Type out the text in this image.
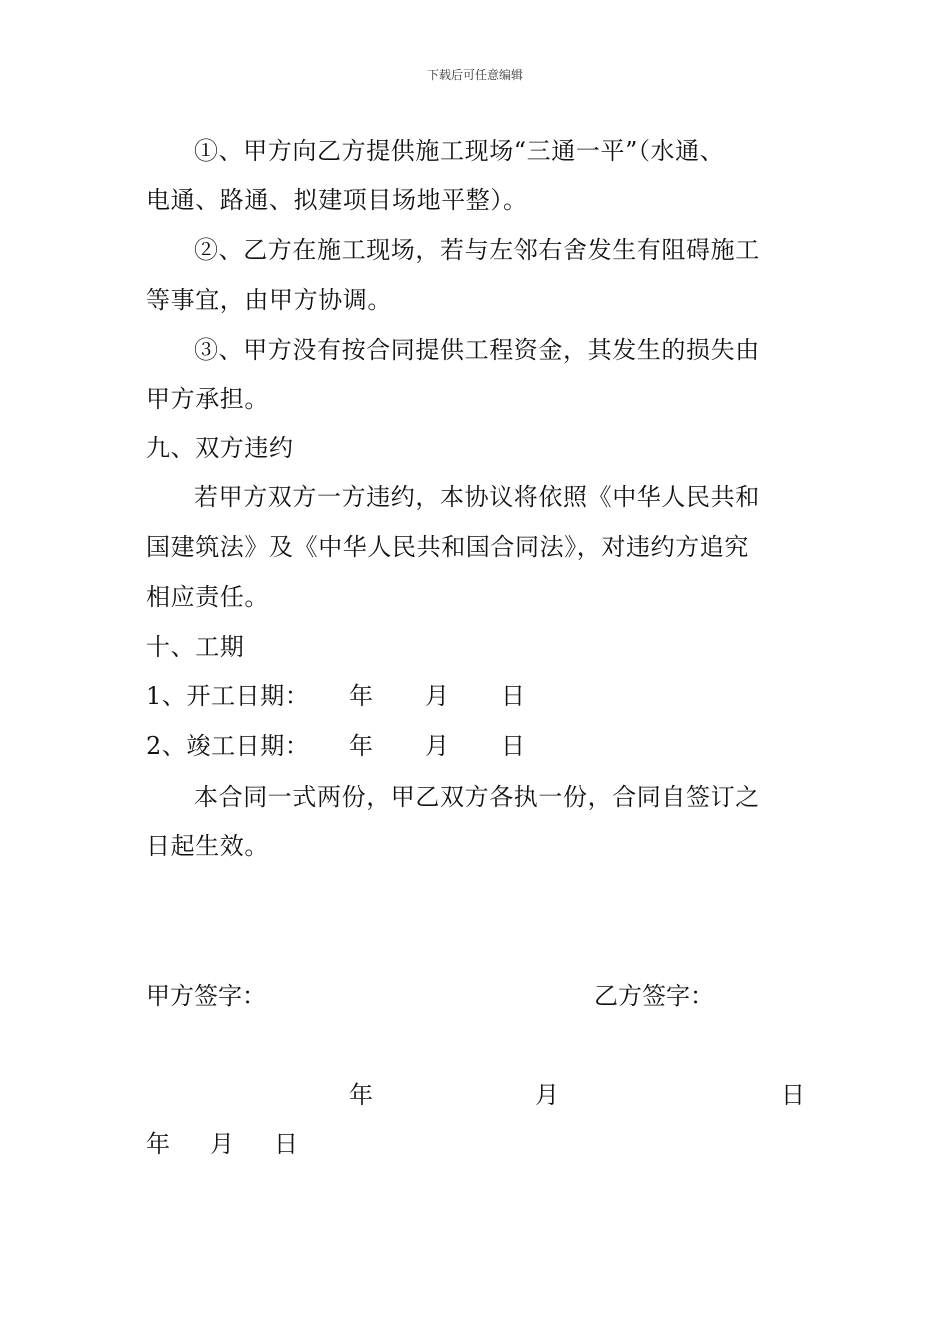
下载后可任意编辑
①、甲方向乙方提供施工现场“三通一平”（水通、
电通、路通、拟建项目场地平整）。
②、乙方在施工现场，若与左邻右舍发生有阻碍施工
等事宜，由甲方协调。
③、甲方没有按合同提供工程资金，其发生的损失由
甲方承担。
九、双方违约
若甲方双方一方违约，本协议将依照《中华人民共和
国建筑法》及《中华人民共和国合同法》，对违约方追究
相应责任。
十、工期
1、开工日期： 年 月 日
2、竣工日期： 年 月 日
本合同一式两份，甲乙双方各执一份，合同自签订之
日起生效。
甲方签字：	乙方签字：
年	月	日
年 月 日
